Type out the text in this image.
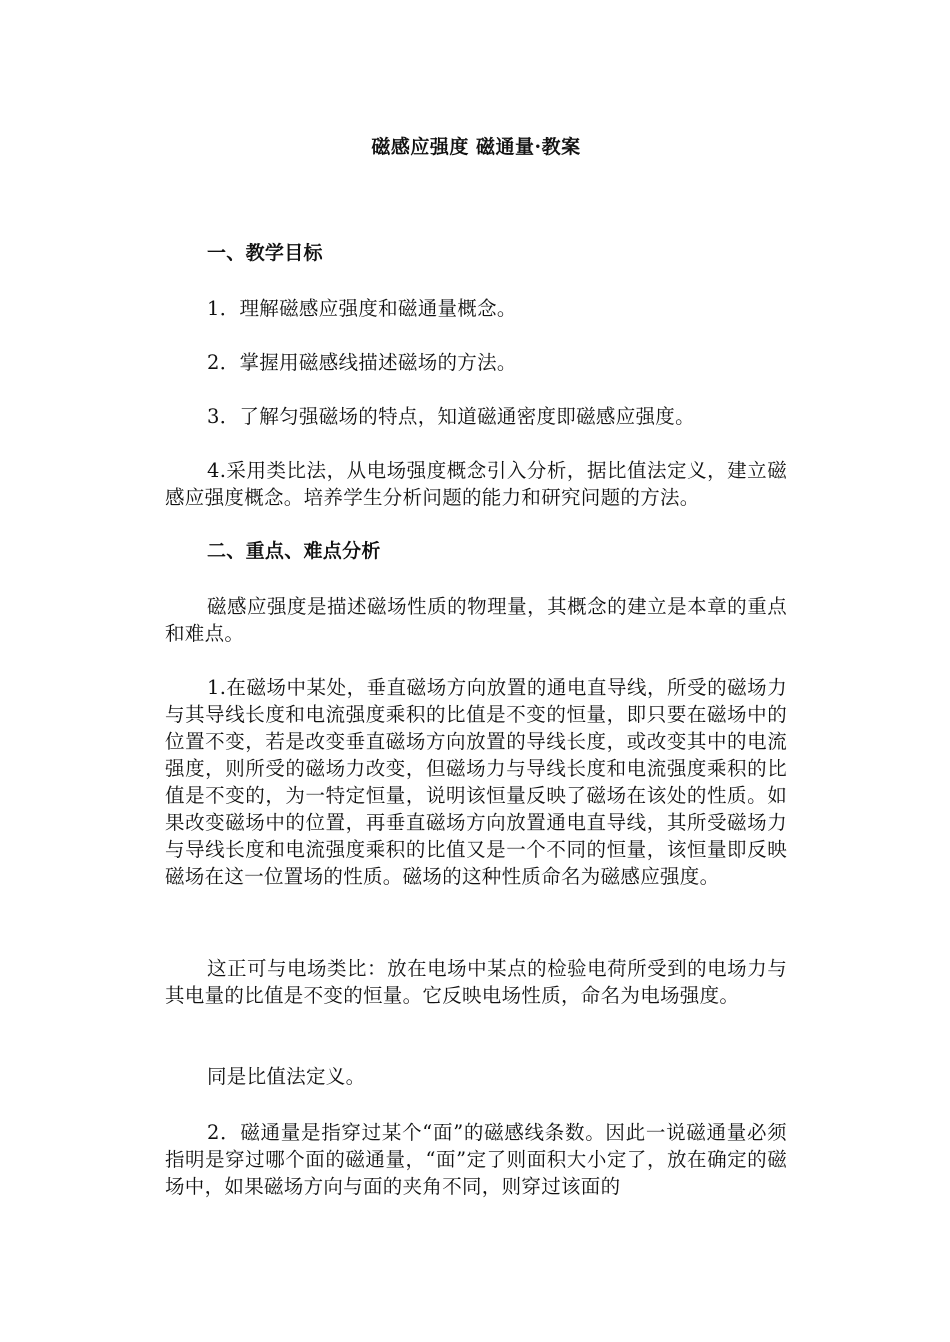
磁感应强度 磁通量·教案

一、教学目标

1．理解磁感应强度和磁通量概念。

2．掌握用磁感线描述磁场的方法。

3．了解匀强磁场的特点，知道磁通密度即磁感应强度。

4.采用类比法，从电场强度概念引入分析，据比值法定义，建立磁感应强度概念。培养学生分析问题的能力和研究问题的方法。

二、重点、难点分析

磁感应强度是描述磁场性质的物理量，其概念的建立是本章的重点和难点。

1.在磁场中某处，垂直磁场方向放置的通电直导线，所受的磁场力与其导线长度和电流强度乘积的比值是不变的恒量，即只要在磁场中的位置不变，若是改变垂直磁场方向放置的导线长度，或改变其中的电流强度，则所受的磁场力改变，但磁场力与导线长度和电流强度乘积的比值是不变的，为一特定恒量，说明该恒量反映了磁场在该处的性质。如果改变磁场中的位置，再垂直磁场方向放置通电直导线，其所受磁场力与导线长度和电流强度乘积的比值又是一个不同的恒量，该恒量即反映磁场在这一位置场的性质。磁场的这种性质命名为磁感应强度。

这正可与电场类比：放在电场中某点的检验电荷所受到的电场力与其电量的比值是不变的恒量。它反映电场性质，命名为电场强度。

同是比值法定义。

2．磁通量是指穿过某个“面”的磁感线条数。因此一说磁通量必须指明是穿过哪个面的磁通量，“面”定了则面积大小定了，放在确定的磁场中，如果磁场方向与面的夹角不同，则穿过该面的
